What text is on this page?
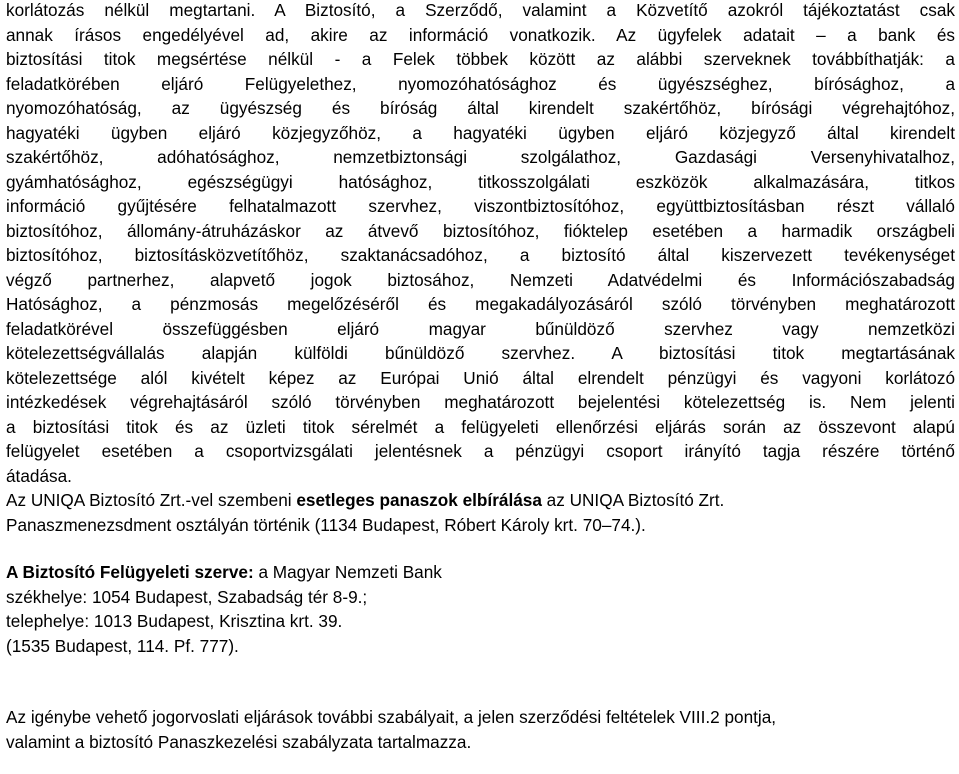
korlátozás nélkül megtartani. A Biztosító, a Szerződő, valamint a Közvetítő azokról tájékoztatást csak
annak írásos engedélyével ad, akire az információ vonatkozik. Az ügyfelek adatait – a bank és
biztosítási titok megsértése nélkül - a Felek többek között az alábbi szerveknek továbbíthatják: a
feladatkörében eljáró Felügyelethez, nyomozóhatósághoz és ügyészséghez, bírósághoz, a
nyomozóhatóság, az ügyészség és bíróság által kirendelt szakértőhöz, bírósági végrehajtóhoz,
hagyatéki ügyben eljáró közjegyzőhöz, a hagyatéki ügyben eljáró közjegyző által kirendelt
szakértőhöz, adóhatósághoz, nemzetbiztonsági szolgálathoz, Gazdasági Versenyhivatalhoz,
gyámhatósághoz, egészségügyi hatósághoz, titkosszolgálati eszközök alkalmazására, titkos
információ gyűjtésére felhatalmazott szervhez, viszontbiztosítóhoz, együttbiztosításban részt vállaló
biztosítóhoz, állomány-átruházáskor az átvevő biztosítóhoz, fióktelep esetében a harmadik országbeli
biztosítóhoz, biztosításközvetítőhöz, szaktanácsadóhoz, a biztosító által kiszervezett tevékenységet
végző partnerhez, alapvető jogok biztosához, Nemzeti Adatvédelmi és Információszabadság
Hatósághoz, a pénzmosás megelőzéséről és megakadályozásáról szóló törvényben meghatározott
feladatkörével összefüggésben eljáró magyar bűnüldöző szervhez vagy nemzetközi
kötelezettségvállalás alapján külföldi bűnüldöző szervhez. A biztosítási titok megtartásának
kötelezettsége alól kivételt képez az Európai Unió által elrendelt pénzügyi és vagyoni korlátozó
intézkedések végrehajtásáról szóló törvényben meghatározott bejelentési kötelezettség is. Nem jelenti
a biztosítási titok és az üzleti titok sérelmét a felügyeleti ellenőrzési eljárás során az összevont alapú
felügyelet esetében a csoportvizsgálati jelentésnek a pénzügyi csoport irányító tagja részére történő
átadása.
Az UNIQA Biztosító Zrt.-vel szembeni esetleges panaszok elbírálása az UNIQA Biztosító Zrt.
Panaszmenezsdment osztályán történik (1134 Budapest, Róbert Károly krt. 70–74.).
A Biztosító Felügyeleti szerve: a Magyar Nemzeti Bank
székhelye: 1054 Budapest, Szabadság tér 8-9.;
telephelye: 1013 Budapest, Krisztina krt. 39.
(1535 Budapest, 114. Pf. 777).
Az igénybe vehető jogorvoslati eljárások további szabályait, a jelen szerződési feltételek VIII.2 pontja,
valamint a biztosító Panaszkezelési szabályzata tartalmazza.
